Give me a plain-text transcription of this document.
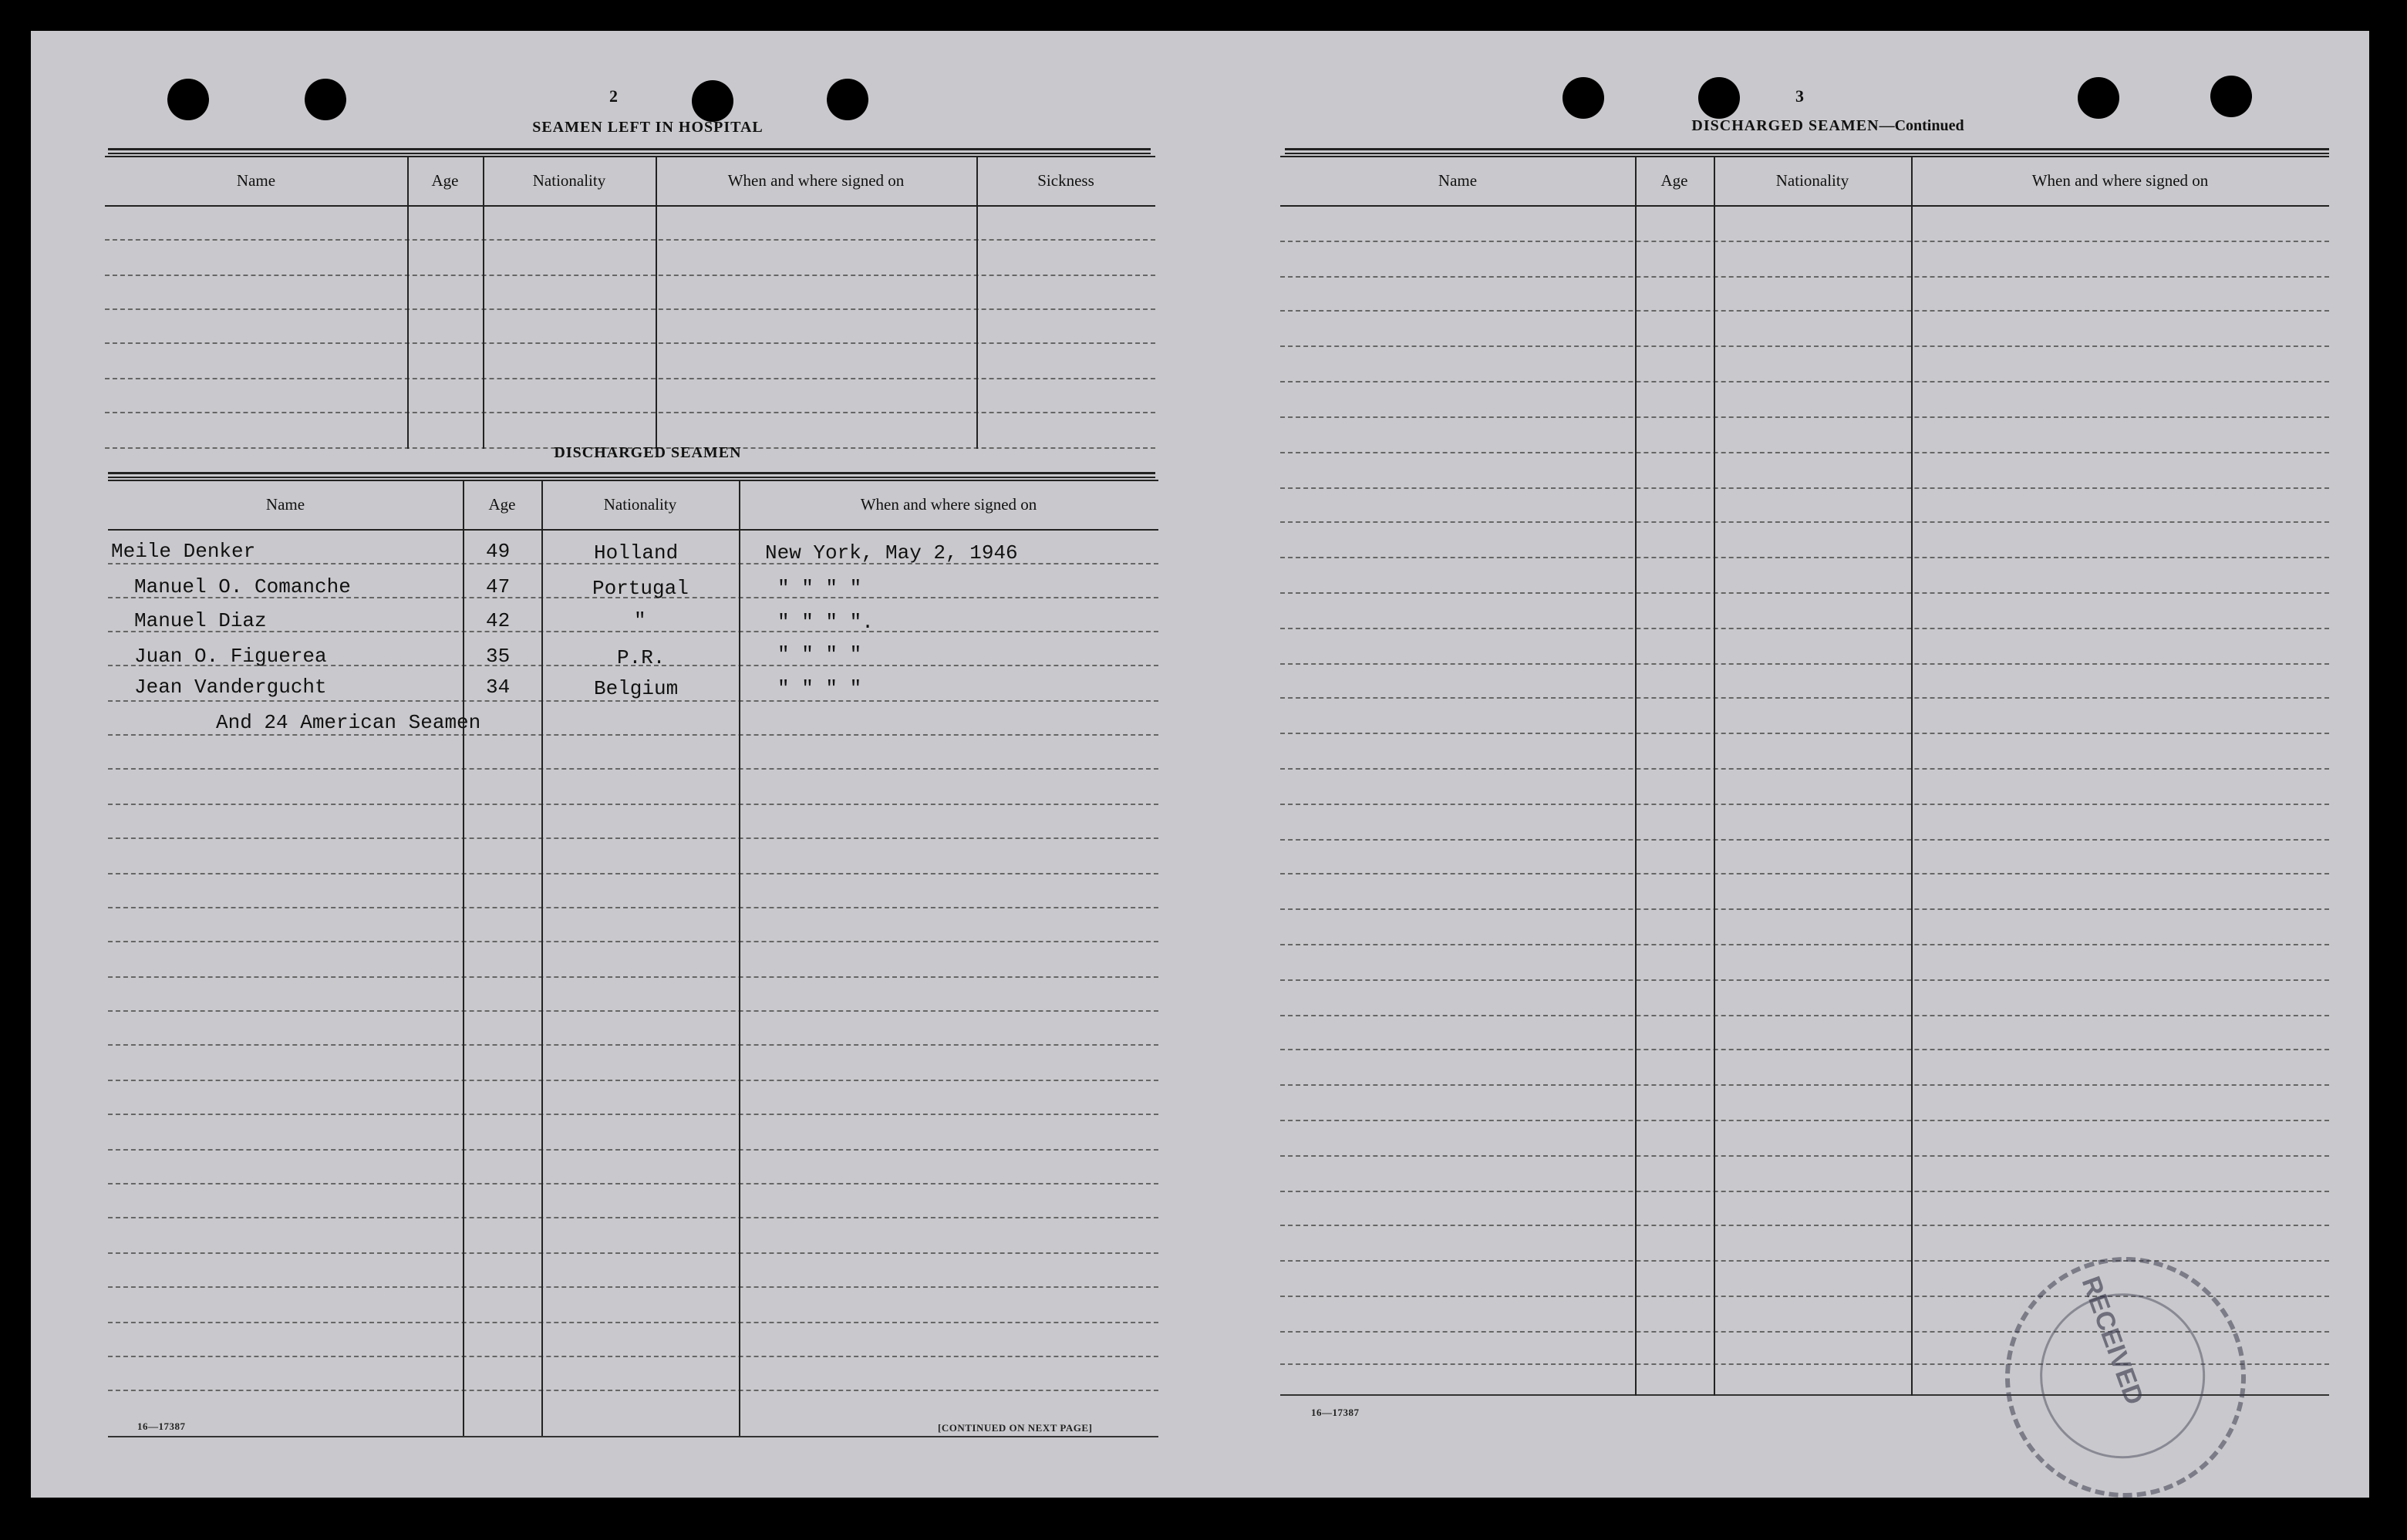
2
SEAMEN LEFT IN HOSPITAL
Name	Age	Nationality	When and where signed on	Sickness
DISCHARGED SEAMEN
Name	Age	Nationality	When and where signed on
Meile Denker	49	Holland	New York, May 2, 1946
Manuel O. Comanche	47	Portugal	" " " "
Manuel Diaz	42	"	" " " ".
Juan O. Figuerea	35	P.R.	" " " "
Jean Vandergucht	34	Belgium	" " " "
And 24 American Seamen
16—17387	[CONTINUED ON NEXT PAGE]
3
DISCHARGED SEAMEN—Continued
Name	Age	Nationality	When and where signed on
16—17387
RECEIVED
